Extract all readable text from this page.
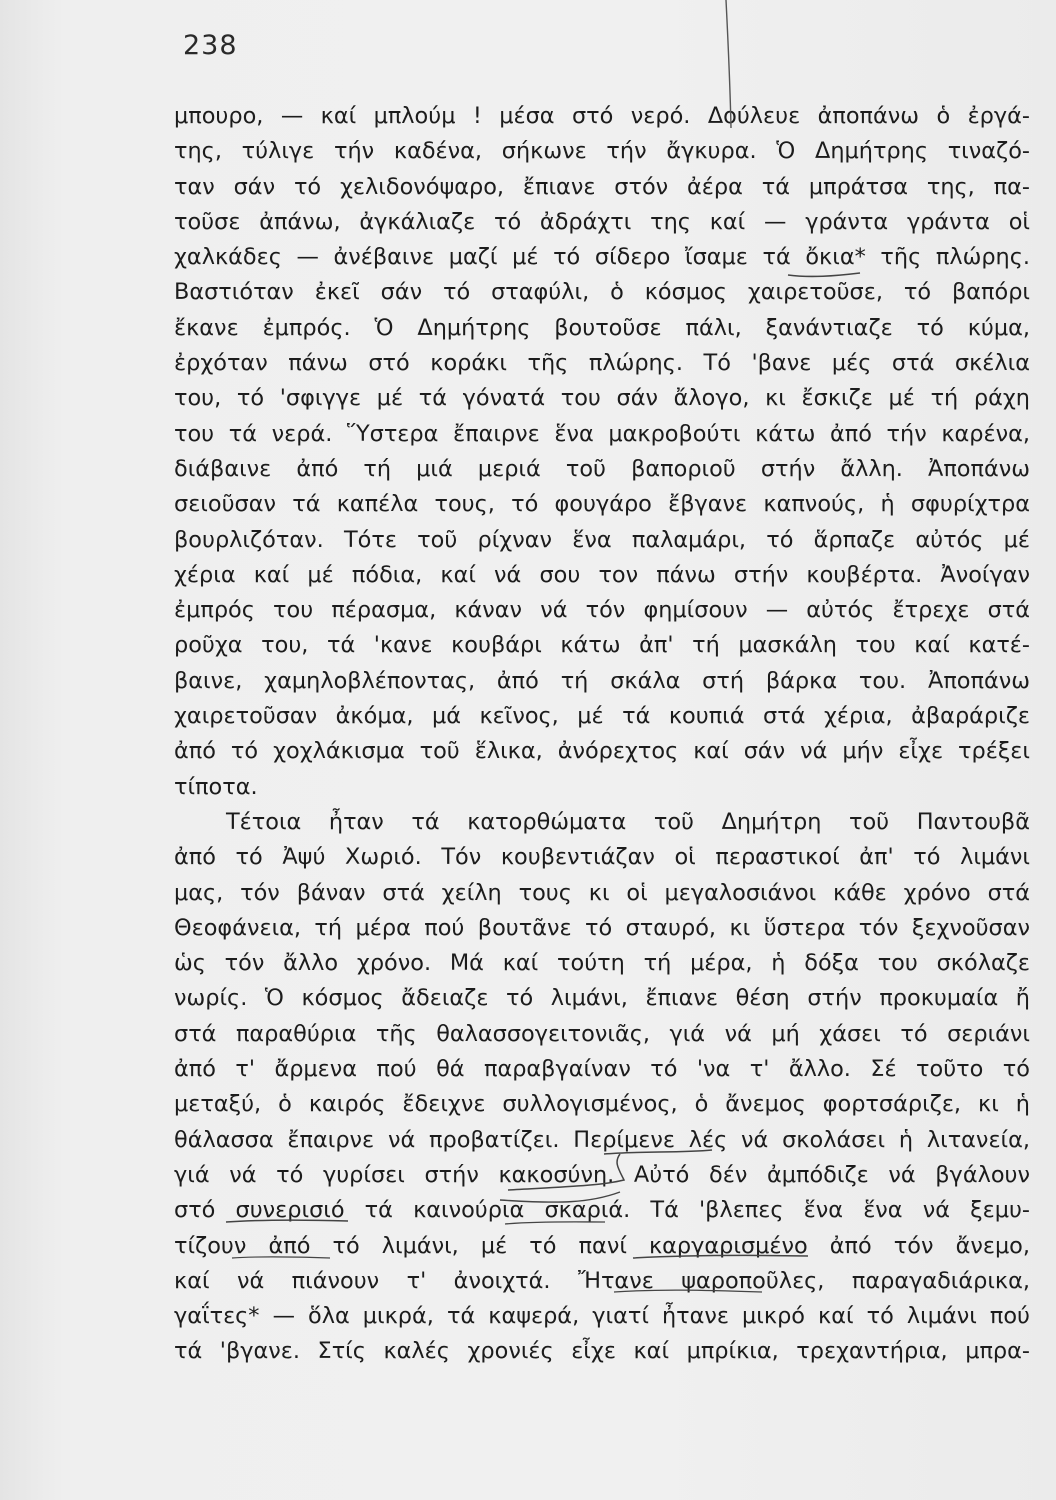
238
μπουρο, — καί μπλούμ ! μέσα στό νερό. Δούλευε ἀποπάνω ὁ ἐργά-
της, τύλιγε τήν καδένα, σήκωνε τήν ἄγκυρα. Ὁ Δημήτρης τιναζό-
ταν σάν τό χελιδονόψαρο, ἔπιανε στόν ἀέρα τά μπράτσα της, πα-
τοῦσε ἀπάνω, ἀγκάλιαζε τό ἀδράχτι της καί — γράντα γράντα οἱ
χαλκάδες — ἀνέβαινε μαζί μέ τό σίδερο ἴσαμε τά ὄκια* τῆς πλώρης.
Βαστιόταν ἐκεῖ σάν τό σταφύλι, ὁ κόσμος χαιρετοῦσε, τό βαπόρι
ἔκανε ἐμπρός. Ὁ Δημήτρης βουτοῦσε πάλι, ξανάντιαζε τό κύμα,
ἐρχόταν πάνω στό κοράκι τῆς πλώρης. Τό 'βανε μές στά σκέλια
του, τό 'σφιγγε μέ τά γόνατά του σάν ἄλογο, κι ἔσκιζε μέ τή ράχη
του τά νερά. Ὕστερα ἔπαιρνε ἕνα μακροβούτι κάτω ἀπό τήν καρένα,
διάβαινε ἀπό τή μιά μεριά τοῦ βαποριοῦ στήν ἄλλη. Ἀποπάνω
σειοῦσαν τά καπέλα τους, τό φουγάρο ἔβγανε καπνούς, ἡ σφυρίχτρα
βουρλιζόταν. Τότε τοῦ ρίχναν ἕνα παλαμάρι, τό ἅρπαζε αὐτός μέ
χέρια καί μέ πόδια, καί νά σου τον πάνω στήν κουβέρτα. Ἀνοίγαν
ἐμπρός του πέρασμα, κάναν νά τόν φημίσουν — αὐτός ἔτρεχε στά
ροῦχα του, τά 'κανε κουβάρι κάτω ἀπ' τή μασκάλη του καί κατέ-
βαινε, χαμηλοβλέποντας, ἀπό τή σκάλα στή βάρκα του. Ἀποπάνω
χαιρετοῦσαν ἀκόμα, μά κεῖνος, μέ τά κουπιά στά χέρια, ἀβαράριζε
ἀπό τό χοχλάκισμα τοῦ ἕλικα, ἀνόρεχτος καί σάν νά μήν εἶχε τρέξει
τίποτα.
Τέτοια ἦταν τά κατορθώματα τοῦ Δημήτρη τοῦ Παντουβᾶ
ἀπό τό Ἀψύ Χωριό. Τόν κουβεντιάζαν οἱ περαστικοί ἀπ' τό λιμάνι
μας, τόν βάναν στά χείλη τους κι οἱ μεγαλοσιάνοι κάθε χρόνο στά
Θεοφάνεια, τή μέρα πού βουτᾶνε τό σταυρό, κι ὕστερα τόν ξεχνοῦσαν
ὡς τόν ἄλλο χρόνο. Μά καί τούτη τή μέρα, ἡ δόξα του σκόλαζε
νωρίς. Ὁ κόσμος ἄδειαζε τό λιμάνι, ἔπιανε θέση στήν προκυμαία ἤ
στά παραθύρια τῆς θαλασσογειτονιᾶς, γιά νά μή χάσει τό σεριάνι
ἀπό τ' ἄρμενα πού θά παραβγαίναν τό 'να τ' ἄλλο. Σέ τοῦτο τό
μεταξύ, ὁ καιρός ἔδειχνε συλλογισμένος, ὁ ἄνεμος φορτσάριζε, κι ἡ
θάλασσα ἔπαιρνε νά προβατίζει. Περίμενε λές νά σκολάσει ἡ λιτανεία,
γιά νά τό γυρίσει στήν κακοσύνη. Αὐτό δέν ἀμπόδιζε νά βγάλουν
στό συνερισιό τά καινούρια σκαριά. Τά 'βλεπες ἕνα ἕνα νά ξεμυ-
τίζουν ἀπό τό λιμάνι, μέ τό πανί καργαρισμένο ἀπό τόν ἄνεμο,
καί νά πιάνουν τ' ἀνοιχτά. Ἤτανε ψαροποῦλες, παραγαδιάρικα,
γαΐτες* — ὅλα μικρά, τά καψερά, γιατί ἦτανε μικρό καί τό λιμάνι πού
τά 'βγανε. Στίς καλές χρονιές εἶχε καί μπρίκια, τρεχαντήρια, μπρα-
